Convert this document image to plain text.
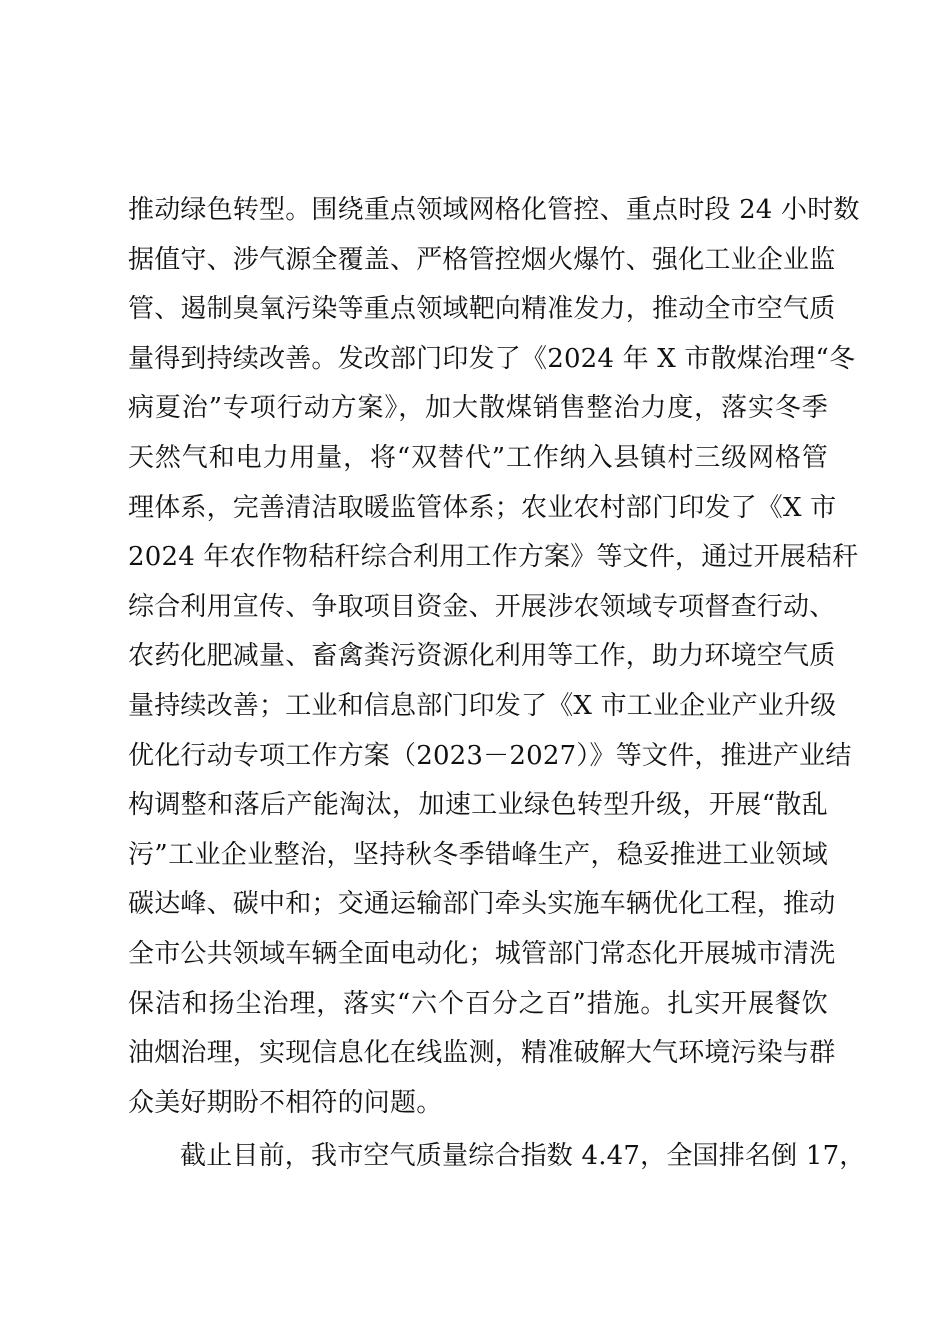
推动绿色转型。围绕重点领域网格化管控、重点时段 24 小时数
据值守、涉气源全覆盖、严格管控烟火爆竹、强化工业企业监
管、遏制臭氧污染等重点领域靶向精准发力，推动全市空气质
量得到持续改善。发改部门印发了《2024 年 X 市散煤治理“冬
病夏治”专项行动方案》，加大散煤销售整治力度，落实冬季
天然气和电力用量，将“双替代”工作纳入县镇村三级网格管
理体系，完善清洁取暖监管体系；农业农村部门印发了《X 市
2024 年农作物秸秆综合利用工作方案》等文件，通过开展秸秆
综合利用宣传、争取项目资金、开展涉农领域专项督查行动、
农药化肥减量、畜禽粪污资源化利用等工作，助力环境空气质
量持续改善；工业和信息部门印发了《X 市工业企业产业升级
优化行动专项工作方案（2023－2027）》等文件，推进产业结
构调整和落后产能淘汰，加速工业绿色转型升级，开展“散乱
污”工业企业整治，坚持秋冬季错峰生产，稳妥推进工业领域
碳达峰、碳中和；交通运输部门牵头实施车辆优化工程，推动
全市公共领域车辆全面电动化；城管部门常态化开展城市清洗
保洁和扬尘治理，落实“六个百分之百”措施。扎实开展餐饮
油烟治理，实现信息化在线监测，精准破解大气环境污染与群
众美好期盼不相符的问题。
截止目前，我市空气质量综合指数 4.47，全国排名倒 17，
